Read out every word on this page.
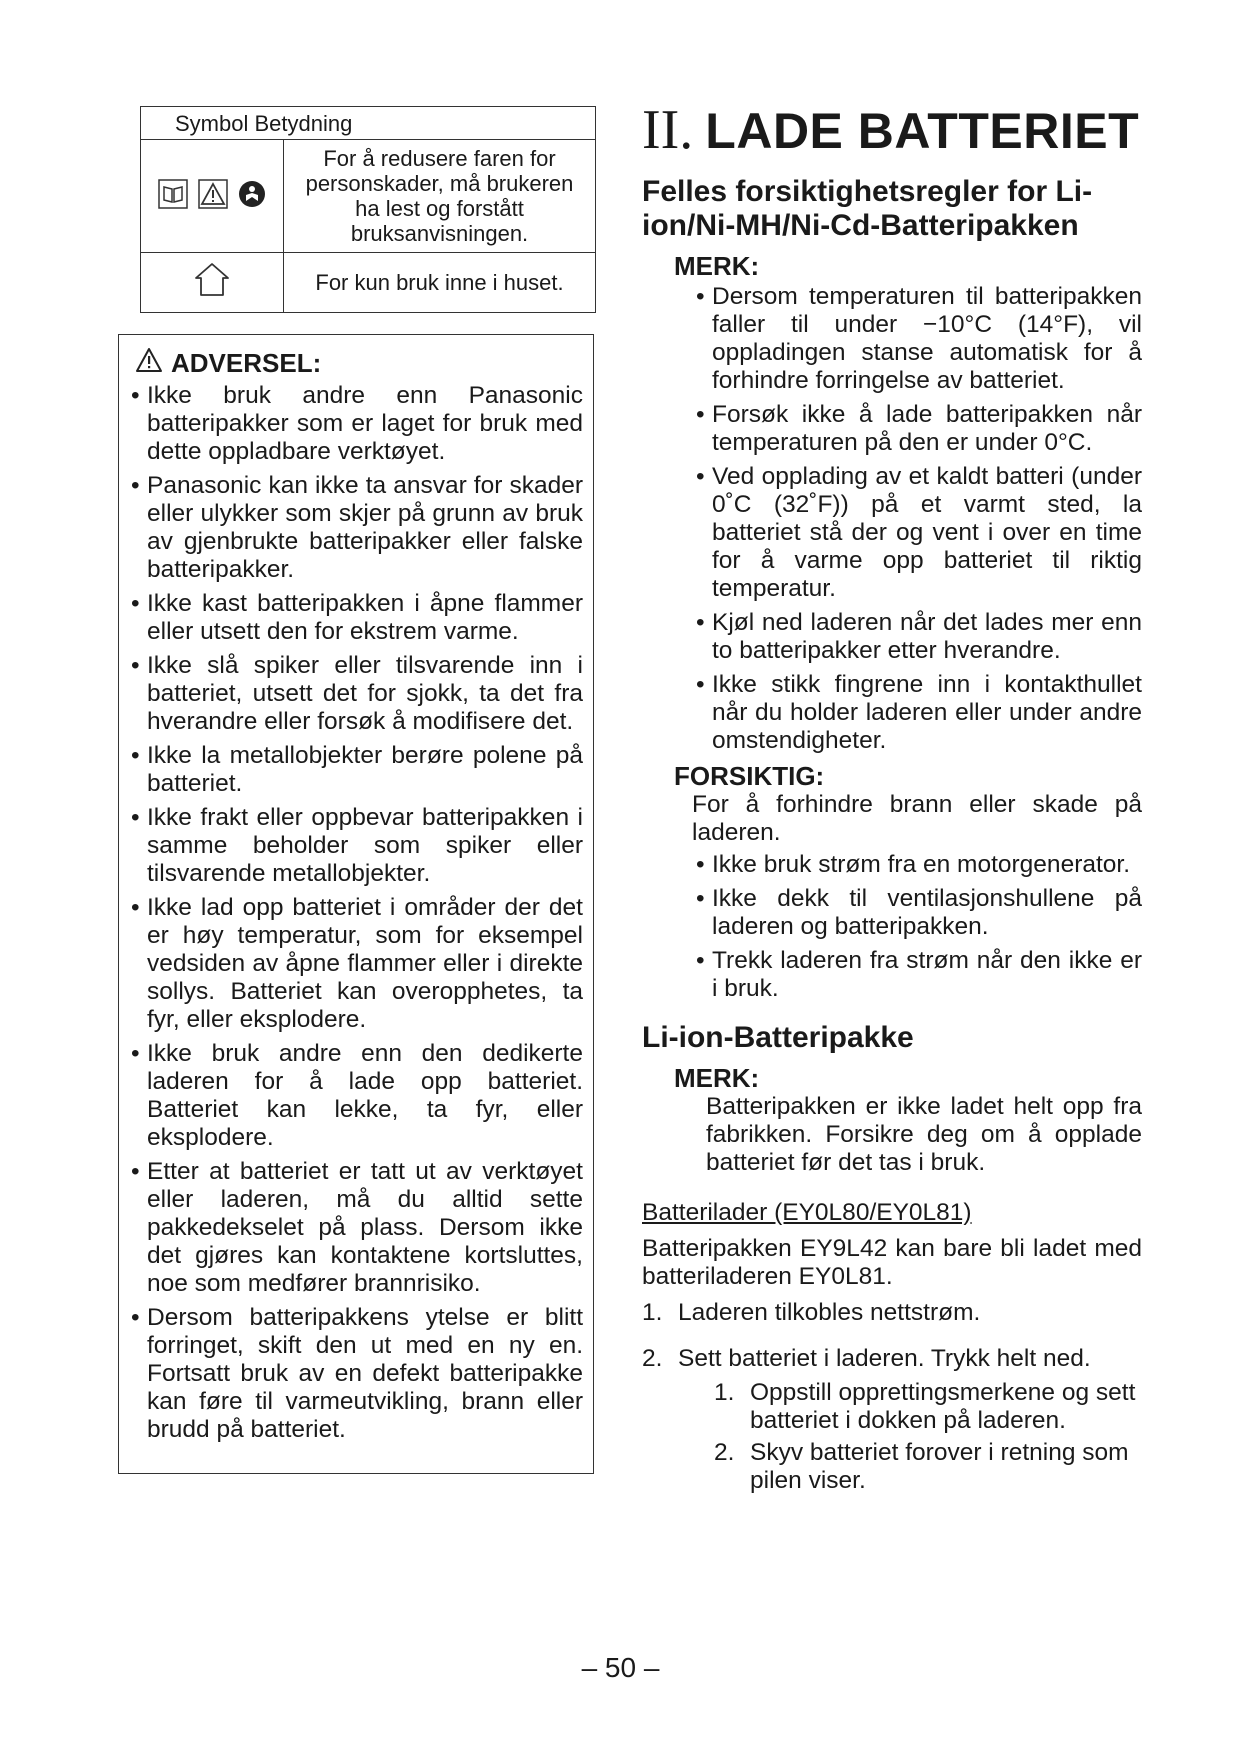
Symbol Betydning	

	For å redusere faren for personskader, må brukeren ha lest og forstått bruksanvisningen.
	For kun bruk inne i huset.
ADVERSEL:
• Ikke bruk andre enn Panasonic batteripakker som er laget for bruk med dette oppladbare verktøyet.
• Panasonic kan ikke ta ansvar for skader eller ulykker som skjer på grunn av bruk av gjenbrukte batteripakker eller falske batteripakker.
• Ikke kast batteripakken i åpne flammer eller utsett den for ekstrem varme.
• Ikke slå spiker eller tilsvarende inn i batteriet, utsett det for sjokk, ta det fra hverandre eller forsøk å modifisere det.
• Ikke la metallobjekter berøre polene på batteriet.
• Ikke frakt eller oppbevar batteripakken i samme beholder som spiker eller tilsvarende metallobjekter.
• Ikke lad opp batteriet i områder der det er høy temperatur, som for eksempel vedsiden av åpne flammer eller i direkte sollys. Batteriet kan overopphetes, ta fyr, eller eksplodere.
• Ikke bruk andre enn den dedikerte laderen for å lade opp batteriet. Batteriet kan lekke, ta fyr, eller eksplodere.
• Etter at batteriet er tatt ut av verktøyet eller laderen, må du alltid sette pakkedekselet på plass. Dersom ikke det gjøres kan kontaktene kortsluttes, noe som medfører brannrisiko.
• Dersom batteripakkens ytelse er blitt forringet, skift den ut med en ny en. Fortsatt bruk av en defekt batteripakke kan føre til varmeutvikling, brann eller brudd på batteriet.
II. LADE BATTERIET
Felles forsiktighetsregler for Li-ion/Ni-MH/Ni-Cd-Batteripakken
MERK:
• Dersom temperaturen til batteripakken faller til under −10°C (14°F), vil oppladingen stanse automatisk for å forhindre forringelse av batteriet.
• Forsøk ikke å lade batteripakken når temperaturen på den er under 0°C.
• Ved opplading av et kaldt batteri (under 0˚C (32˚F)) på et varmt sted, la batteriet stå der og vent i over en time for å varme opp batteriet til riktig temperatur.
• Kjøl ned laderen når det lades mer enn to batteripakker etter hverandre.
• Ikke stikk fingrene inn i kontakthullet når du holder laderen eller under andre omstendigheter.
FORSIKTIG:
For å forhindre brann eller skade på laderen.
• Ikke bruk strøm fra en motorgenerator.
• Ikke dekk til ventilasjonshullene på laderen og batteripakken.
• Trekk laderen fra strøm når den ikke er i bruk.
Li-ion-Batteripakke
MERK:
Batteripakken er ikke ladet helt opp fra fabrikken. Forsikre deg om å opplade batteriet før det tas i bruk.
Batterilader (EY0L80/EY0L81)
Batteripakken EY9L42 kan bare bli ladet med batteriladeren EY0L81.
1. Laderen tilkobles nettstrøm.
2. Sett batteriet i laderen. Trykk helt ned.
1. Oppstill opprettingsmerkene og sett batteriet i dokken på laderen.
2. Skyv batteriet forover i retning som pilen viser.
– 50 –
